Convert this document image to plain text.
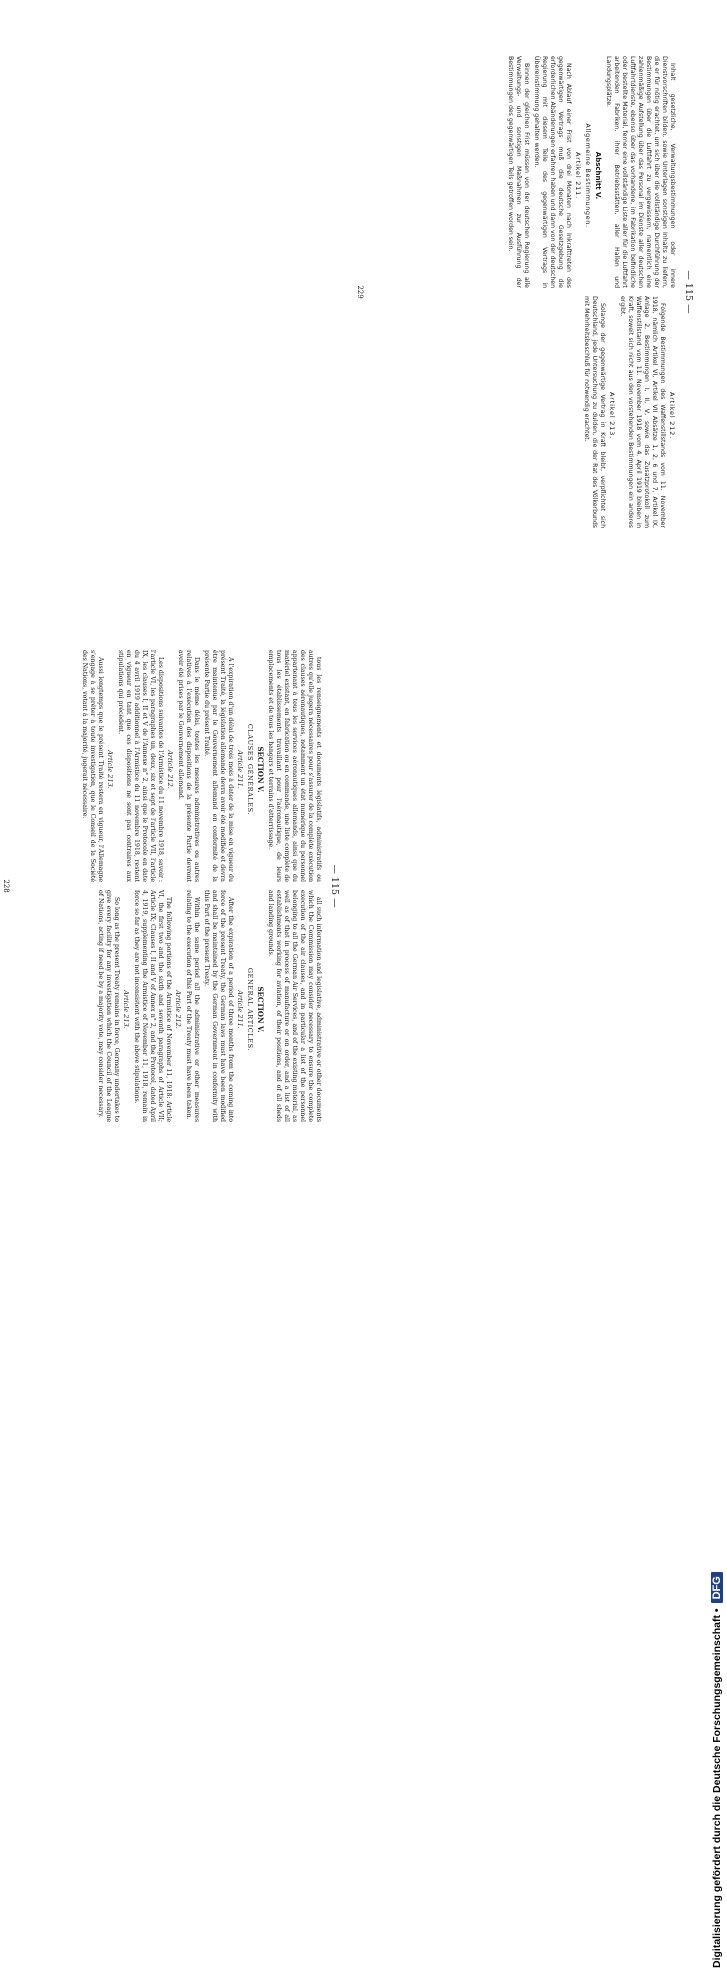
— 115 —

tous les renseignements et documents législatifs, administratifs ou autres qu'elle jugera nécessaires pour s'assurer de la complète exécution des clauses aéronautiques, notamment un état numérique du personnel appartenant à tous les services aéronautiques allemands, ainsi que du matériel existant, en fabrication ou en commande, une liste complète de tous les établissements travaillant pour l'aéronautique, de leurs emplacements et de tous les hangars et terrains d'atterrissage.

SECTION V.

CLAUSES GÉNÉRALES.

Article 211.

A l'expiration d'un délai de trois mois à dater de la mise en vigueur du présent Traité, la législation allemande devra avoir été modifiée et devra être maintenue par le Gouvernement allemand en conformité de la présente Partie du présent Traité.

Dans le même délai, toutes les mesures administratives ou autres relatives à l'exécution des dispositions de la présente Partie devront avoir été prises par le Gouvernement allemand.

Article 212.

Les dispositions suivantes de l'Armistice du 11 novembre 1918, savoir : l'article VI, les paragraphes un, deux, six et sept de l'article VII, l'article IX, les clauses I, II et V de l'Annexe n° 2, ainsi que le Protocole en date du 4 avril 1919 additionnel à l'Armistice du 11 novembre 1918, restent en vigueur en tant que ces dispositions ne sont pas contraires aux stipulations qui précèdent.

Article 213.

Aussi longtemps que le présent Traité restera en vigueur, l'Allemagne s'engage à se prêter à toute investigation, que le Conseil de la Société des Nations, votant à la majorité, jugerait nécessaire.

all such information and legislative, administrative or other documents which the Commission may consider necessary to ensure the complete execution of the air clauses, and in particular a list of the personnel belonging to all the German Air Services, and of the existing material, as well as of that in process of manufacture or on order, and a list of all establishments working for aviation, of their positions, and of all sheds and landing grounds.

SECTION V.

GENERAL ARTICLES.

Article 211.

After the expiration of a period of three months from the coming into force of the present Treaty, the German laws must have been modified and shall be maintained by the German Government in conformity with this Part of the present Treaty.

Within the same period all the administrative or other measures relating to the execution of this Part of the Treaty must have been taken.

Article 212.

The following portions of the Armistice of November 11, 1918: Article VI, the first two and the sixth and seventh paragraphs of Article VII; Article IX; Clauses I, II and V of Annex n° 2, and the Protocol, dated April 4, 1919, supplementing the Armistice of November 11, 1918, remain in force so far as they are not inconsistent with the above stipulations.

Article 213.

So long as the present Treaty remains in force, Germany undertakes to give every facility for any investigation which the Council of the League of Nations, acting if need be by a majority vote, may consider necessary.

228
— 115 —

Inhalt gesetzliche, Verwaltungsbestimmungen oder innere Dienstvorschriften bilden, sowie Unterlagen sonstigen Inhalts zu liefern, die er für nötig erachtet, um sich über die vollständige Durchführung der Bestimmungen über die Luftfahrt zu vergewissern, namentlich eine zahlenmäßige Aufstellung über das Personal im Dienste aller deutschen Luftfahrtdienste, ebenso über das vorhandene, im Fabrikation befindliche oder bestellte Material, ferner eine vollständige Liste aller für die Luftfahrt arbeitenden Fabriken, ihrer Betriebsstätten, aller Hallen und Landungsplätze.

Abschnitt V.

Allgemeine Bestimmungen.

Artikel 211.

Nach Ablauf einer Frist von drei Monaten nach Inkrafttreten des gegenwärtigen Vertrags muß die deutsche Gesetzgebung die erforderlichen Abänderungen erfahren haben und dann von der deutschen Regierung mit diesem Teile des gegenwärtigen Vertrags in Übereinstimmung gehalten werden.

Binnen der gleichen Frist müssen von der deutschen Regierung alle Verwaltungs- und sonstigen Maßnahmen zur Ausführung der Bestimmungen des gegenwärtigen Teils getroffen worden sein.

Artikel 212.

Folgende Bestimmungen des Waffenstillstands vom 11. November 1918, nämlich Artikel VI, Artikel VII Absätze 1, 2, 6 und 7, Artikel IX, Anlage 2, Bestimmungen I, II, V, sowie das Zusatzprotokoll zum Waffenstillstand vom 11. November 1918 vom 4. April 1919 bleiben in Kraft, soweit sich nicht aus den vorstehenden Bestimmungen ein anderes ergibt.

Artikel 213.

Solange der gegenwärtige Vertrag in Kraft bleibt, verpflichtet sich Deutschland, jede Untersuchung zu dulden, die der Rat des Völkerbunds mit Mehrheitsbeschluß für notwendig erachtet.

229
Digitalisierung gefördert durch die Deutsche Forschungsgemeinschaft •
DFG
